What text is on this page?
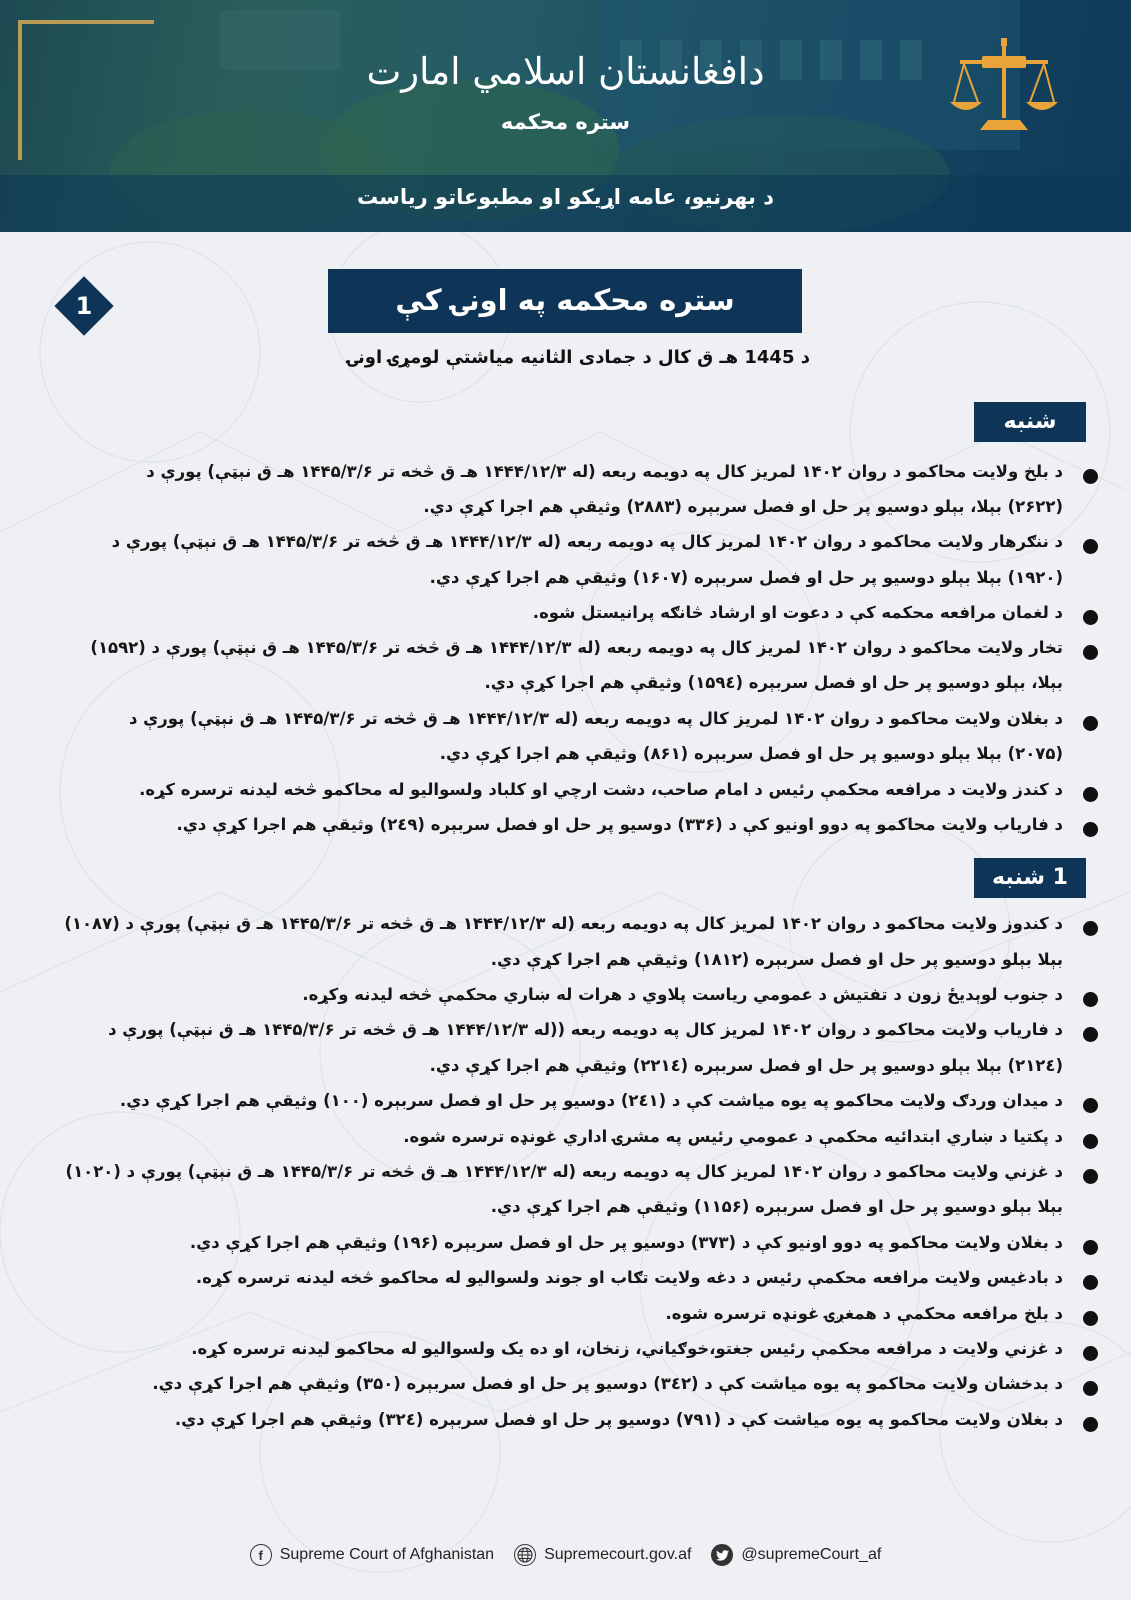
دافغانستان اسلامي امارت
ستره محکمه
د بهرنیو، عامه اړیکو او مطبوعاتو ریاست
1	ستره محکمه په اونۍ کې
د 1445 هـ ق کال د جمادی الثانیه میاشتې لومړۍ اونۍ
شنبه
د بلخ ولایت محاکمو د روان ۱۴۰۲ لمریز کال په دویمه ربعه (له ۱۴۴۴/۱۲/۳ هـ ق څخه تر ۱۴۴۵/۳/۶ هـ ق نېټې) پورې د
(۲۶۲۲) بېلا، بېلو دوسیو پر حل او فصل سربېره (۲۸۸۳) وثیقې هم اجرا کړې دي.
د ننګرهار ولایت محاکمو د روان ۱۴۰۲ لمریز کال په دویمه ربعه (له ۱۴۴۴/۱۲/۳ هـ ق څخه تر ۱۴۴۵/۳/۶ هـ ق نېټې) پورې د
(۱۹۲۰) بېلا بېلو دوسیو پر حل او فصل سربېره (۱۶۰۷) وثیقې هم اجرا کړې دي.
د لغمان مرافعه محکمه کې د دعوت او ارشاد څانګه پرانیستل شوه.
تخار ولایت محاکمو د روان ۱۴۰۲ لمریز کال په دویمه ربعه (له ۱۴۴۴/۱۲/۳ هـ ق څخه تر ۱۴۴۵/۳/۶ هـ ق نېټې) پورې د (۱۵۹۲)
بېلا، بېلو دوسیو پر حل او فصل سربېره (۱۵۹٤) وثیقې هم اجرا کړې دي.
د بغلان ولایت محاکمو د روان ۱۴۰۲ لمریز کال په دویمه ربعه (له ۱۴۴۴/۱۲/۳ هـ ق څخه تر ۱۴۴۵/۳/۶ هـ ق نېټې) پورې د
(۲۰۷۵) بېلا بېلو دوسیو پر حل او فصل سربېره (۸۶۱) وثیقې هم اجرا کړې دي.
د کندز ولایت د مرافعه محکمې رئیس د امام صاحب، دشت ارچي او کلباد ولسوالیو له محاکمو څخه لیدنه ترسره کړه.
د فاریاب ولایت محاکمو په دوو اونیو کې د (۳۳۶) دوسیو پر حل او فصل سربېره (۲٤۹) وثیقې هم اجرا کړې دي.
1 شنبه
د کندوز ولایت محاکمو د روان ۱۴۰۲ لمریز کال په دویمه ربعه (له ۱۴۴۴/۱۲/۳ هـ ق څخه تر ۱۴۴۵/۳/۶ هـ ق نېټې) پورې د (۱۰۸۷)
بېلا بېلو دوسیو پر حل او فصل سربېره (۱۸۱۲) وثیقې هم اجرا کړې دي.
د جنوب لوېدیځ زون د تفتیش د عمومي ریاست پلاوي د هرات له ښاري محکمې څخه لیدنه وکړه.
د فاریاب ولایت محاکمو د روان ۱۴۰۲ لمریز کال په دویمه ربعه ((له ۱۴۴۴/۱۲/۳ هـ ق څخه تر ۱۴۴۵/۳/۶ هـ ق نېټې) پورې د
(۲۱۲٤) بېلا بېلو دوسیو پر حل او فصل سربېره (۲۲۱٤) وثیقې هم اجرا کړې دي.
د میدان وردګ ولایت محاکمو په یوه میاشت کې د (۲٤۱) دوسیو پر حل او فصل سربېره (۱۰۰) وثیقې هم اجرا کړې دي.
د پکتیا د ښاري ابتدائیه محکمې د عمومي رئیس په مشرۍ اداري غونډه ترسره شوه.
د غزني ولایت محاکمو د روان ۱۴۰۲ لمریز کال په دویمه ربعه (له ۱۴۴۴/۱۲/۳ هـ ق څخه تر ۱۴۴۵/۳/۶ هـ ق نېټې) پورې د (۱۰۲۰)
بېلا بېلو دوسیو پر حل او فصل سربېره (۱۱۵۶) وثیقې هم اجرا کړې دي.
د بغلان ولایت محاکمو په دوو اونیو کې د (۳۷۳) دوسیو پر حل او فصل سربېره (۱۹۶) وثیقې هم اجرا کړې دي.
د بادغیس ولایت مرافعه محکمې رئیس د دغه ولایت تګاب او جوند ولسوالیو له محاکمو څخه لیدنه ترسره کړه.
د بلخ مرافعه محکمې د همغږۍ غونډه ترسره شوه.
د غزني ولایت د مرافعه محکمې رئیس جغتو،خوګیاني، زنخان، او ده یک ولسوالیو له محاکمو لیدنه ترسره کړه.
د بدخشان ولایت محاکمو په یوه میاشت کې د (۳٤۲) دوسیو پر حل او فصل سربېره (۳۵۰) وثیقې هم اجرا کړې دي.
د بغلان ولایت محاکمو په یوه میاشت کې د (۷۹۱) دوسیو پر حل او فصل سربېره (۳۲٤) وثیقې هم اجرا کړې دي.
f	Supreme Court of Afghanistan	Supremecourt.gov.af	@supremeCourt_af
